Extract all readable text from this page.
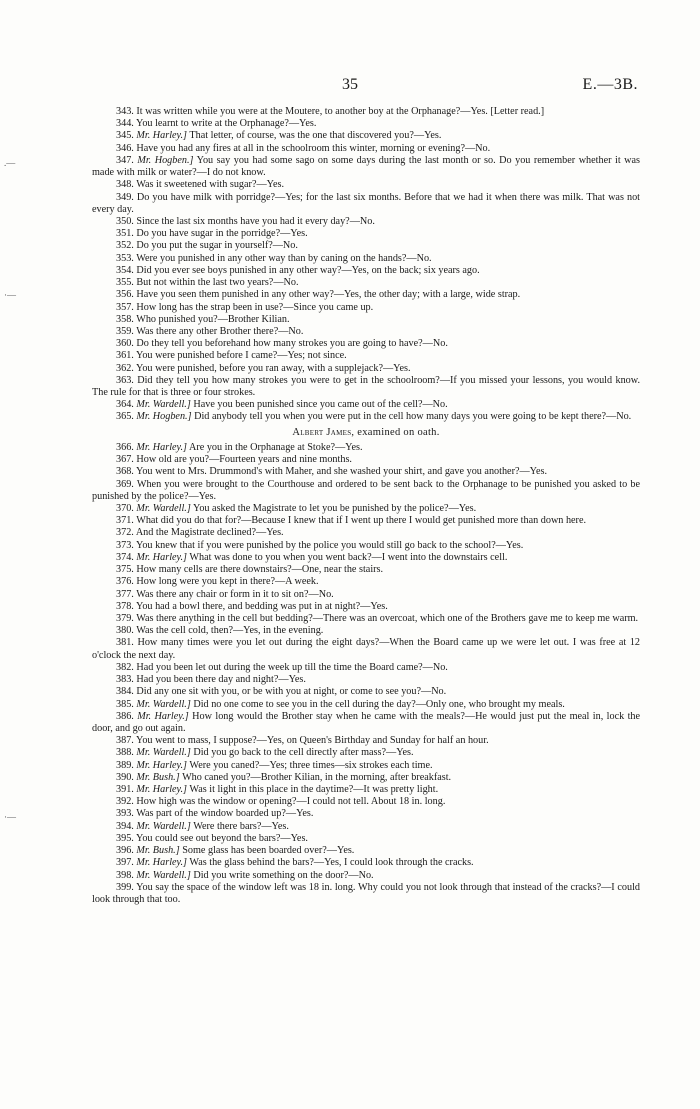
35	E.—3B.
.—
·—
·—

343. It was written while you were at the Moutere, to another boy at the Orphanage?—Yes. [Letter read.]

344. You learnt to write at the Orphanage?—Yes.

345. Mr. Harley.] That letter, of course, was the one that discovered you?—Yes.

346. Have you had any fires at all in the schoolroom this winter, morning or evening?—No.

347. Mr. Hogben.] You say you had some sago on some days during the last month or so. Do you remember whether it was made with milk or water?—I do not know.

348. Was it sweetened with sugar?—Yes.

349. Do you have milk with porridge?—Yes; for the last six months. Before that we had it when there was milk. That was not every day.

350. Since the last six months have you had it every day?—No.

351. Do you have sugar in the porridge?—Yes.

352. Do you put the sugar in yourself?—No.

353. Were you punished in any other way than by caning on the hands?—No.

354. Did you ever see boys punished in any other way?—Yes, on the back; six years ago.

355. But not within the last two years?—No.

356. Have you seen them punished in any other way?—Yes, the other day; with a large, wide strap.

357. How long has the strap been in use?—Since you came up.

358. Who punished you?—Brother Kilian.

359. Was there any other Brother there?—No.

360. Do they tell you beforehand how many strokes you are going to have?—No.

361. You were punished before I came?—Yes; not since.

362. You were punished, before you ran away, with a supplejack?—Yes.

363. Did they tell you how many strokes you were to get in the schoolroom?—If you missed your lessons, you would know. The rule for that is three or four strokes.

364. Mr. Wardell.] Have you been punished since you came out of the cell?—No.

365. Mr. Hogben.] Did anybody tell you when you were put in the cell how many days you were going to be kept there?—No.

Albert James, examined on oath.

366. Mr. Harley.] Are you in the Orphanage at Stoke?—Yes.

367. How old are you?—Fourteen years and nine months.

368. You went to Mrs. Drummond's with Maher, and she washed your shirt, and gave you another?—Yes.

369. When you were brought to the Courthouse and ordered to be sent back to the Orphanage to be punished you asked to be punished by the police?—Yes.

370. Mr. Wardell.] You asked the Magistrate to let you be punished by the police?—Yes.

371. What did you do that for?—Because I knew that if I went up there I would get punished more than down here.

372. And the Magistrate declined?—Yes.

373. You knew that if you were punished by the police you would still go back to the school?—Yes.

374. Mr. Harley.] What was done to you when you went back?—I went into the downstairs cell.

375. How many cells are there downstairs?—One, near the stairs.

376. How long were you kept in there?—A week.

377. Was there any chair or form in it to sit on?—No.

378. You had a bowl there, and bedding was put in at night?—Yes.

379. Was there anything in the cell but bedding?—There was an overcoat, which one of the Brothers gave me to keep me warm.

380. Was the cell cold, then?—Yes, in the evening.

381. How many times were you let out during the eight days?—When the Board came up we were let out. I was free at 12 o'clock the next day.

382. Had you been let out during the week up till the time the Board came?—No.

383. Had you been there day and night?—Yes.

384. Did any one sit with you, or be with you at night, or come to see you?—No.

385. Mr. Wardell.] Did no one come to see you in the cell during the day?—Only one, who brought my meals.

386. Mr. Harley.] How long would the Brother stay when he came with the meals?—He would just put the meal in, lock the door, and go out again.

387. You went to mass, I suppose?—Yes, on Queen's Birthday and Sunday for half an hour.

388. Mr. Wardell.] Did you go back to the cell directly after mass?—Yes.

389. Mr. Harley.] Were you caned?—Yes; three times—six strokes each time.

390. Mr. Bush.] Who caned you?—Brother Kilian, in the morning, after breakfast.

391. Mr. Harley.] Was it light in this place in the daytime?—It was pretty light.

392. How high was the window or opening?—I could not tell. About 18 in. long.

393. Was part of the window boarded up?—Yes.

394. Mr. Wardell.] Were there bars?—Yes.

395. You could see out beyond the bars?—Yes.

396. Mr. Bush.] Some glass has been boarded over?—Yes.

397. Mr. Harley.] Was the glass behind the bars?—Yes, I could look through the cracks.

398. Mr. Wardell.] Did you write something on the door?—No.

399. You say the space of the window left was 18 in. long. Why could you not look through that instead of the cracks?—I could look through that too.
